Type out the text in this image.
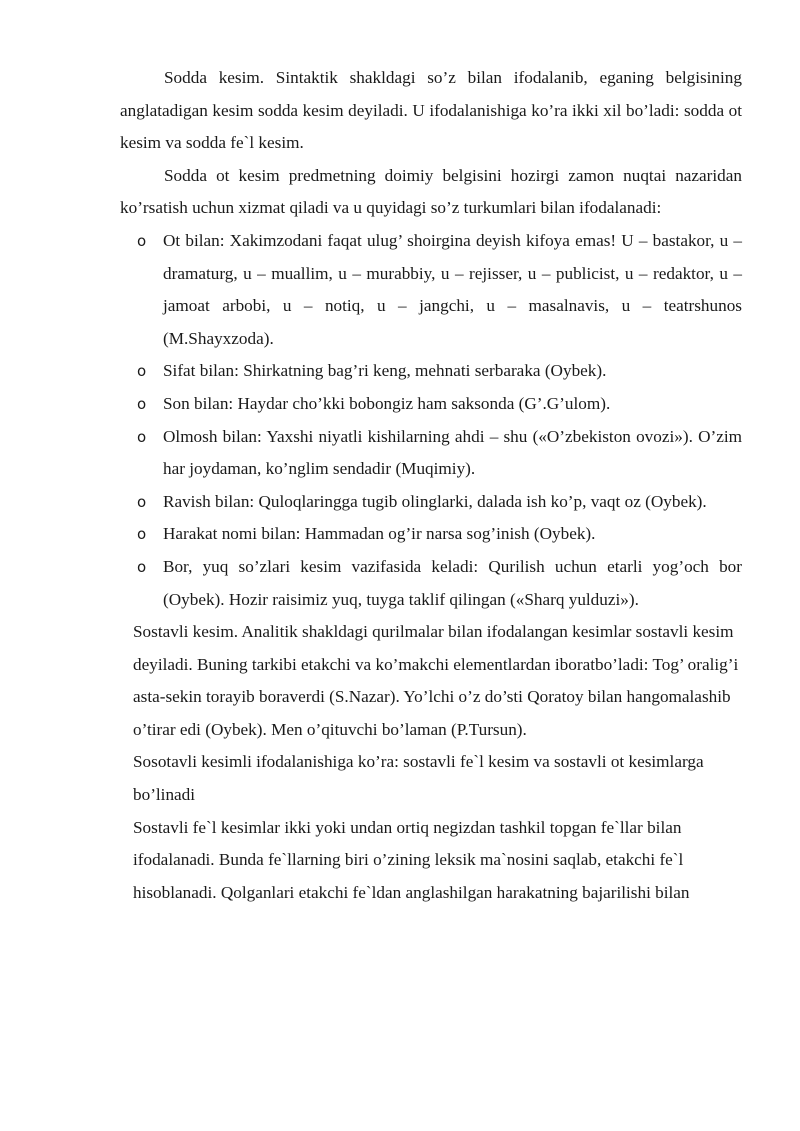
Sodda kesim. Sintaktik shakldagi so’z bilan ifodalanib, eganing belgisining anglatadigan kesim sodda kesim deyiladi. U ifodalanishiga ko’ra ikki xil bo’ladi: sodda ot kesim va sodda fe`l kesim.

Sodda ot kesim predmetning doimiy belgisini hozirgi zamon nuqtai nazaridan ko’rsatish uchun xizmat qiladi va u quyidagi so’z turkumlari bilan ifodalanadi:

o Ot bilan: Xakimzodani faqat ulug’ shoirgina deyish kifoya emas! U – bastakor, u – dramaturg, u – muallim, u – murabbiy, u – rejisser, u – publicist, u – redaktor, u – jamoat arbobi, u – notiq, u – jangchi, u – masalnavis, u – teatrshunos (M.Shayxzoda).
o Sifat bilan: Shirkatning bag’ri keng, mehnati serbaraka (Oybek).
o Son bilan: Haydar cho’kki bobongiz ham saksonda (G’.G’ulom).
o Olmosh bilan: Yaxshi niyatli kishilarning ahdi – shu («O’zbekiston ovozi»). O’zim har joydaman, ko’nglim sendadir (Muqimiy).
o Ravish bilan: Quloqlaringga tugib olinglarki, dalada ish ko’p, vaqt oz (Oybek).
o Harakat nomi bilan: Hammadan og’ir narsa sog’inish (Oybek).
o Bor, yuq so’zlari kesim vazifasida keladi: Qurilish uchun etarli yog’och bor (Oybek). Hozir raisimiz yuq, tuyga taklif qilingan («Sharq yulduzi»).

Sostavli kesim. Analitik shakldagi qurilmalar bilan ifodalangan kesimlar sostavli kesim deyiladi. Buning tarkibi etakchi va ko’makchi elementlardan iboratbo’ladi: Tog’ oralig’i asta-sekin torayib boraverdi (S.Nazar). Yo’lchi o’z do’sti Qoratoy bilan hangomalashib o’tirar edi (Oybek). Men o’qituvchi bo’laman (P.Tursun).

Sosotavli kesimli ifodalanishiga ko’ra: sostavli fe`l kesim va sostavli ot kesimlarga bo’linadi

Sostavli fe`l kesimlar ikki yoki undan ortiq negizdan tashkil topgan fe`llar bilan ifodalanadi. Bunda fe`llarning biri o’zining leksik ma`nosini saqlab, etakchi fe`l hisoblanadi. Qolganlari etakchi fe`ldan anglashilgan harakatning bajarilishi bilan
